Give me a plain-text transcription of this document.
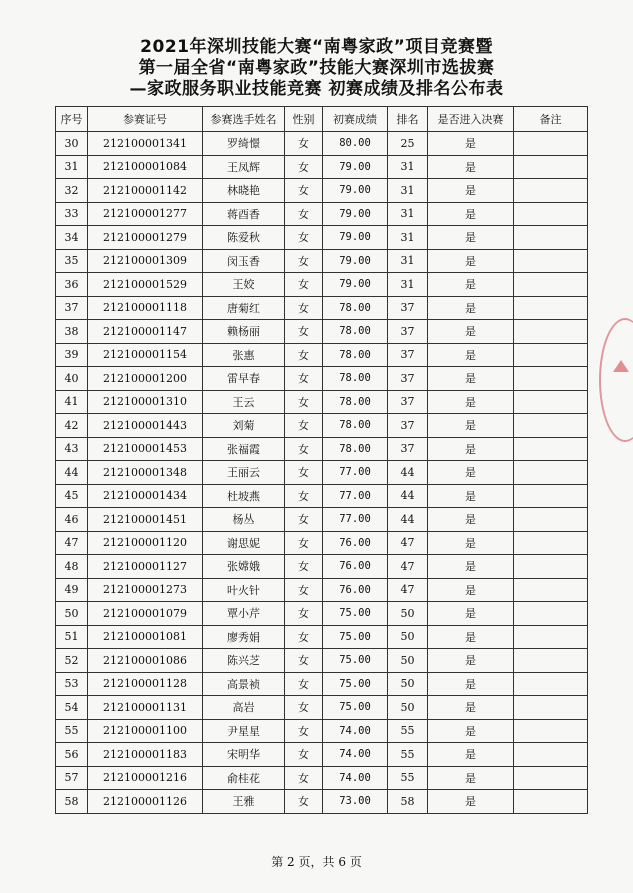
2021年深圳技能大赛“南粤家政”项目竞赛暨
第一届全省“南粤家政”技能大赛深圳市选拔赛
—家政服务职业技能竞赛 初赛成绩及排名公布表
序号	参赛证号	参赛选手姓名	性别	初赛成绩	排名	是否进入决赛	备注
30	212100001341	罗绮憬	女	80.00	25	是	
31	212100001084	王凤辉	女	79.00	31	是	
32	212100001142	林晓艳	女	79.00	31	是	
33	212100001277	蒋酉香	女	79.00	31	是	
34	212100001279	陈爱秋	女	79.00	31	是	
35	212100001309	闵玉香	女	79.00	31	是	
36	212100001529	王姣	女	79.00	31	是	
37	212100001118	唐菊红	女	78.00	37	是	
38	212100001147	赖杨丽	女	78.00	37	是	
39	212100001154	张惠	女	78.00	37	是	
40	212100001200	雷早春	女	78.00	37	是	
41	212100001310	王云	女	78.00	37	是	
42	212100001443	刘菊	女	78.00	37	是	
43	212100001453	张福霞	女	78.00	37	是	
44	212100001348	王丽云	女	77.00	44	是	
45	212100001434	杜坡燕	女	77.00	44	是	
46	212100001451	杨丛	女	77.00	44	是	
47	212100001120	谢思妮	女	76.00	47	是	
48	212100001127	张嫦娥	女	76.00	47	是	
49	212100001273	叶火针	女	76.00	47	是	
50	212100001079	覃小芹	女	75.00	50	是	
51	212100001081	廖秀娟	女	75.00	50	是	
52	212100001086	陈兴芝	女	75.00	50	是	
53	212100001128	高景祯	女	75.00	50	是	
54	212100001131	高岩	女	75.00	50	是	
55	212100001100	尹星星	女	74.00	55	是	
56	212100001183	宋明华	女	74.00	55	是	
57	212100001216	俞桂花	女	74.00	55	是	
58	212100001126	王雅	女	73.00	58	是	
第 2 页，共 6 页
